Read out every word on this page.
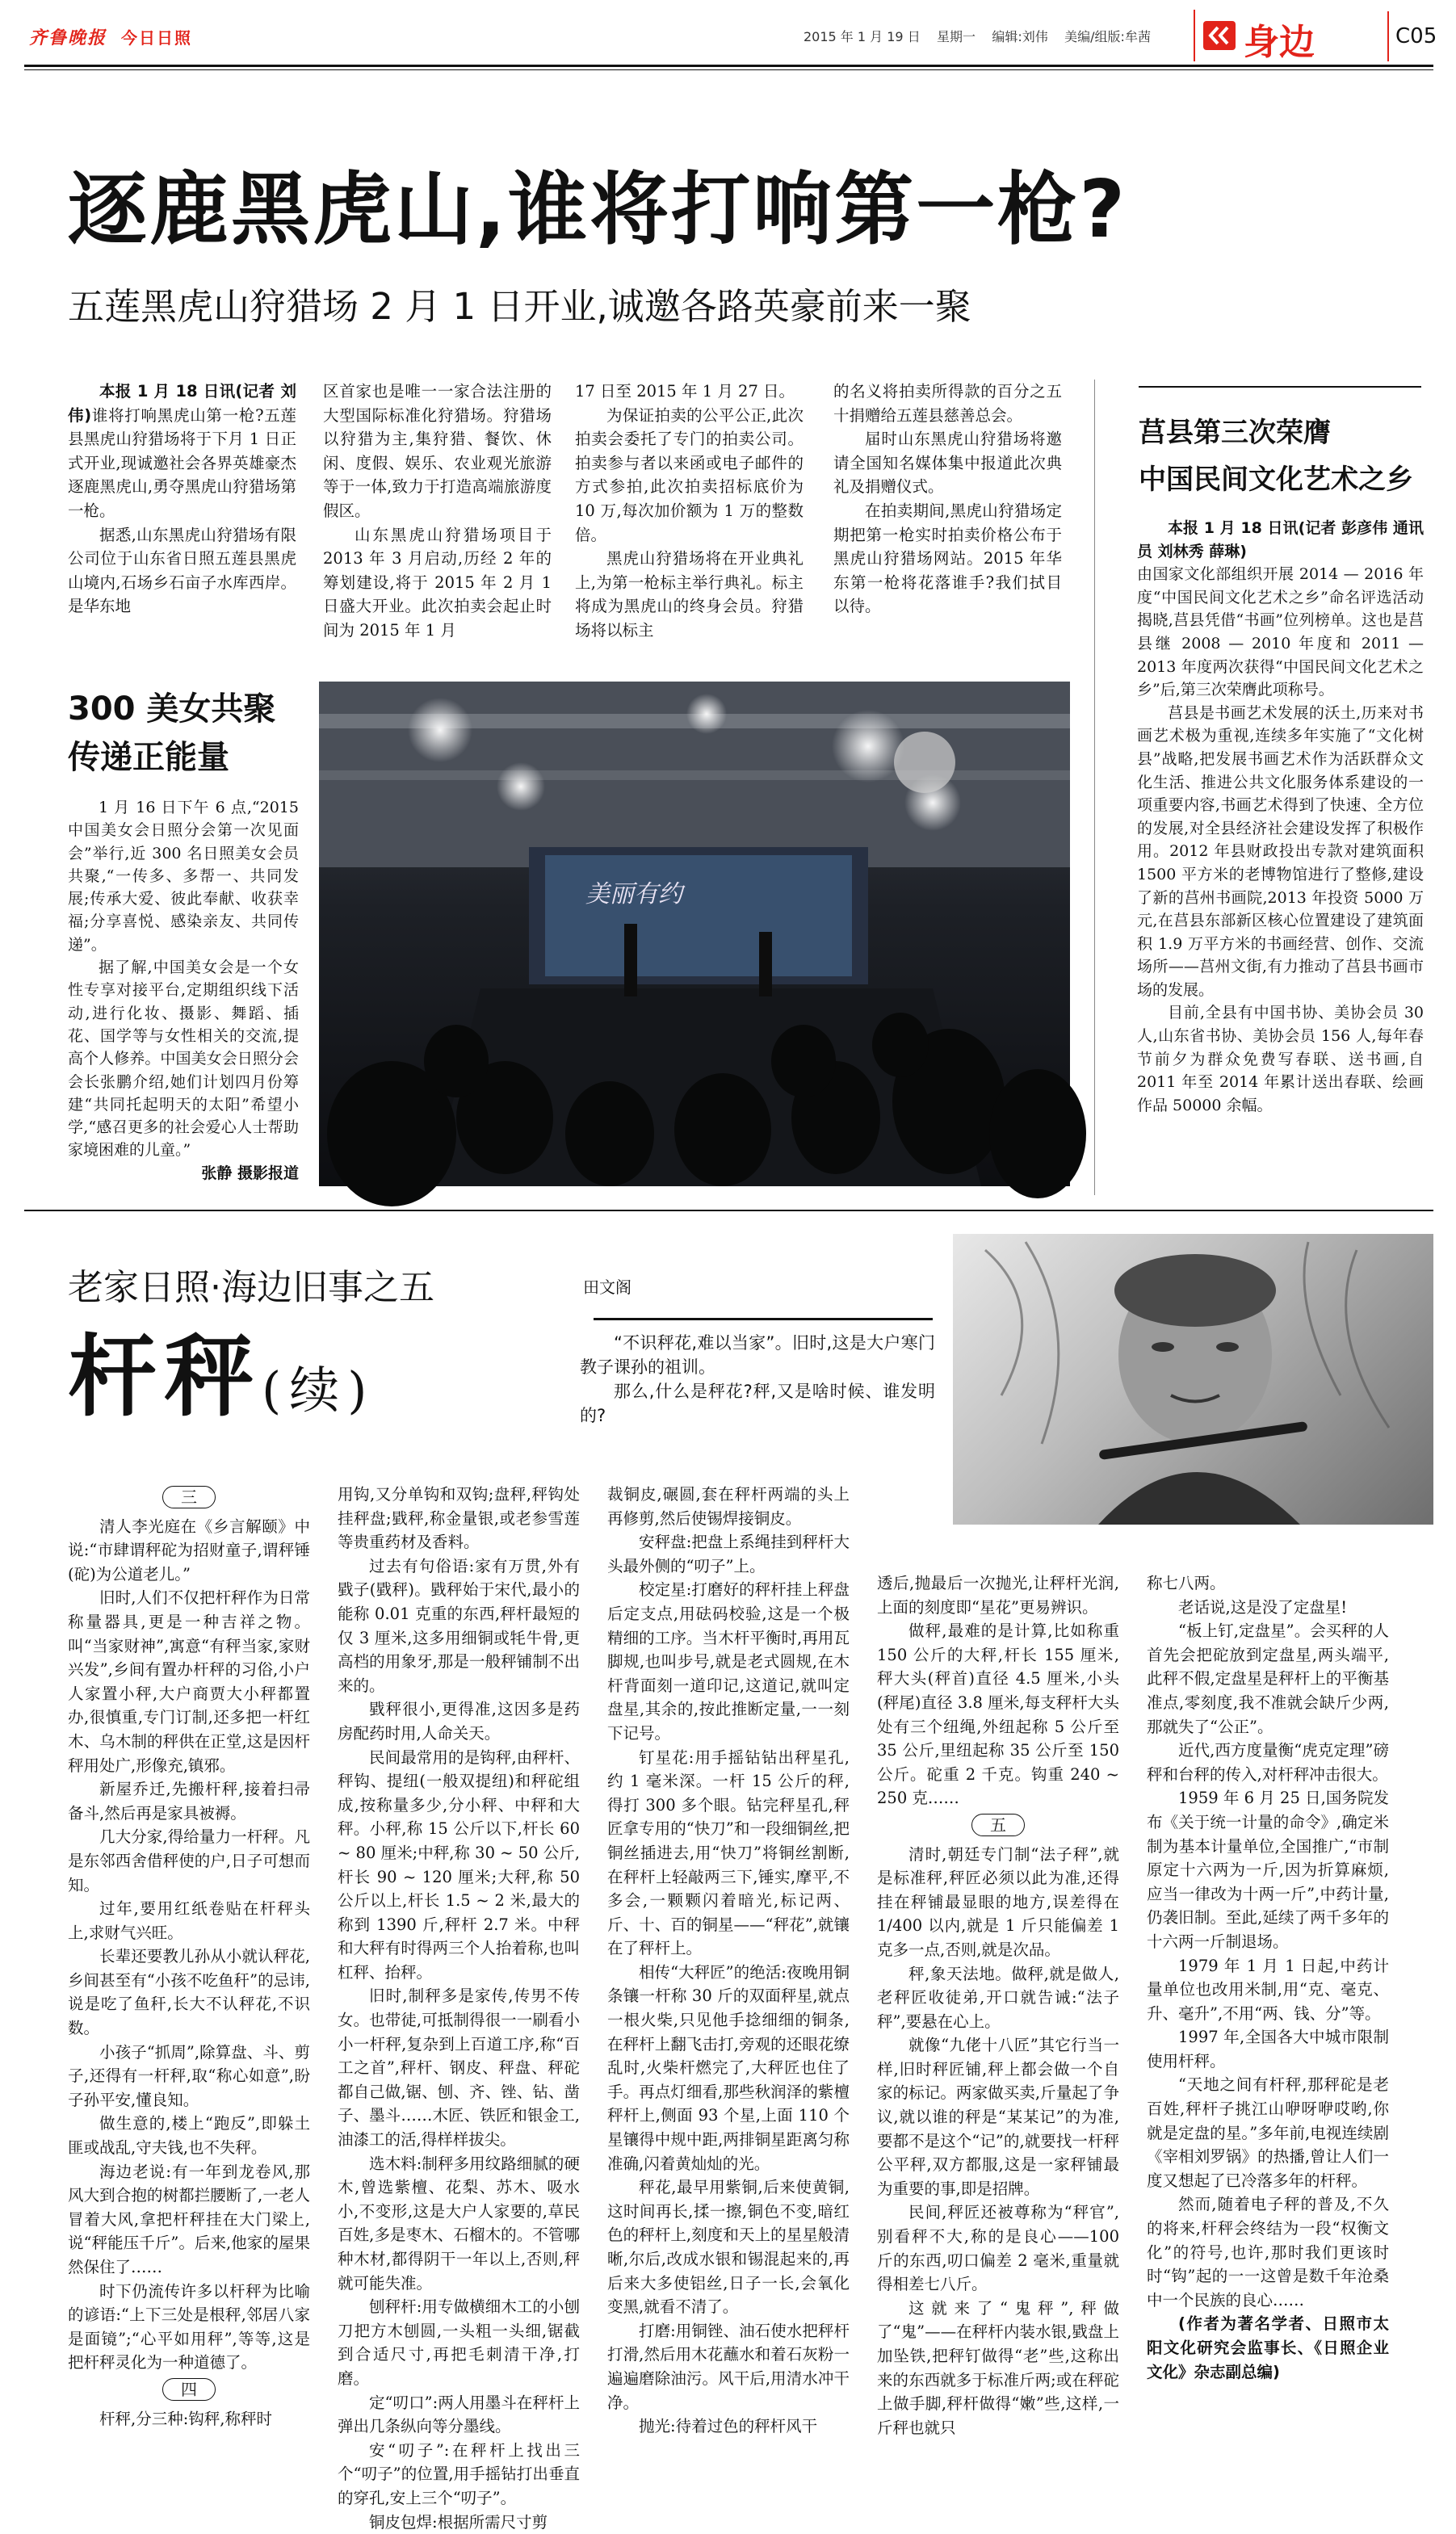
齐鲁晚报 今日日照	2015 年 1 月 19 日 星期一 编辑:刘伟 美编/组版:牟茜	身边	C05
逐鹿黑虎山,谁将打响第一枪?
五莲黑虎山狩猎场 2 月 1 日开业,诚邀各路英豪前来一聚

本报 1 月 18 日讯(记者 刘伟)谁将打响黑虎山第一枪?五莲县黑虎山狩猎场将于下月 1 日正式开业,现诚邀社会各界英雄豪杰逐鹿黑虎山,勇夺黑虎山狩猎场第一枪。

据悉,山东黑虎山狩猎场有限公司位于山东省日照五莲县黑虎山境内,石场乡石亩子水库西岸。是华东地

区首家也是唯一一家合法注册的大型国际标准化狩猎场。狩猎场以狩猎为主,集狩猎、餐饮、休闲、度假、娱乐、农业观光旅游等于一体,致力于打造高端旅游度假区。

山东黑虎山狩猎场项目于 2013 年 3 月启动,历经 2 年的筹划建设,将于 2015 年 2 月 1 日盛大开业。此次拍卖会起止时间为 2015 年 1 月

17 日至 2015 年 1 月 27 日。

为保证拍卖的公平公正,此次拍卖会委托了专门的拍卖公司。拍卖参与者以来函或电子邮件的方式参拍,此次拍卖招标底价为 10 万,每次加价额为 1 万的整数倍。

黑虎山狩猎场将在开业典礼上,为第一枪标主举行典礼。标主将成为黑虎山的终身会员。狩猎场将以标主

的名义将拍卖所得款的百分之五十捐赠给五莲县慈善总会。

届时山东黑虎山狩猎场将邀请全国知名媒体集中报道此次典礼及捐赠仪式。

在拍卖期间,黑虎山狩猎场定期把第一枪实时拍卖价格公布于黑虎山狩猎场网站。2015 年华东第一枪将花落谁手?我们拭目以待。

莒县第三次荣膺
中国民间文化艺术之乡

本报 1 月 18 日讯(记者 彭彦伟 通讯员 刘林秀 薛琳)

由国家文化部组织开展 2014 — 2016 年度“中国民间文化艺术之乡”命名评选活动揭晓,莒县凭借“书画”位列榜单。这也是莒县继 2008 — 2010 年度和 2011 — 2013 年度两次获得“中国民间文化艺术之乡”后,第三次荣膺此项称号。

莒县是书画艺术发展的沃土,历来对书画艺术极为重视,连续多年实施了“文化树县”战略,把发展书画艺术作为活跃群众文化生活、推进公共文化服务体系建设的一项重要内容,书画艺术得到了快速、全方位的发展,对全县经济社会建设发挥了积极作用。2012 年县财政投出专款对建筑面积 1500 平方米的老博物馆进行了整修,建设了新的莒州书画院,2013 年投资 5000 万元,在莒县东部新区核心位置建设了建筑面积 1.9 万平方米的书画经营、创作、交流场所——莒州文街,有力推动了莒县书画市场的发展。

目前,全县有中国书协、美协会员 30 人,山东省书协、美协会员 156 人,每年春节前夕为群众免费写春联、送书画,自 2011 年至 2014 年累计送出春联、绘画作品 50000 余幅。

300 美女共聚
传递正能量

1 月 16 日下午 6 点,“2015 中国美女会日照分会第一次见面会”举行,近 300 名日照美女会员共聚,“一传多、多帮一、共同发展;传承大爱、彼此奉献、收获幸福;分享喜悦、感染亲友、共同传递”。

据了解,中国美女会是一个女性专享对接平台,定期组织线下活动,进行化妆、摄影、舞蹈、插花、国学等与女性相关的交流,提高个人修养。中国美女会日照分会会长张鹏介绍,她们计划四月份筹建“共同托起明天的太阳”希望小学,“感召更多的社会爱心人士帮助家境困难的儿童。”

张静 摄影报道

美丽有约
老家日照·海边旧事之五	田文阁
杆秤(续)

“不识秤花,难以当家”。旧时,这是大户寒门教子课孙的祖训。

那么,什么是秤花?秤,又是啥时候、谁发明的?

三

清人李光庭在《乡言解颐》中说:“市肆谓秤砣为招财童子,谓秤锤(砣)为公道老儿。”

旧时,人们不仅把杆秤作为日常称量器具,更是一种吉祥之物。叫“当家财神”,寓意“有秤当家,家财兴发”,乡间有置办杆秤的习俗,小户人家置小秤,大户商贾大小秤都置办,很慎重,专门订制,还多把一杆红木、乌木制的秤供在正堂,这是因杆秤用处广,形像充,镇邪。

新屋乔迁,先搬杆秤,接着扫帚备斗,然后再是家具被褥。

几大分家,得给量力一杆秤。凡是东邻西舍借秤使的户,日子可想而知。

过年,要用红纸卷贴在杆秤头上,求财气兴旺。

长辈还要教儿孙从小就认秤花,乡间甚至有“小孩不吃鱼秆”的忌讳,说是吃了鱼秆,长大不认秤花,不识数。

小孩子“抓周”,除算盘、斗、剪子,还得有一杆秤,取“称心如意”,盼子孙平安,懂良知。

做生意的,楼上“跑反”,即躲土匪或战乱,守夫钱,也不失秤。

海边老说:有一年到龙卷风,那风大到合抱的树都拦腰断了,一老人冒着大风,拿把杆秤挂在大门梁上,说“秤能压千斤”。后来,他家的屋果然保住了……

时下仍流传许多以杆秤为比喻的谚语:“上下三处是根秤,邻居八家是面镜”;“心平如用秤”,等等,这是把杆秤灵化为一种道德了。

四

杆秤,分三种:钩秤,称秤时

用钩,又分单钩和双钩;盘秤,秤钩处挂秤盘;戥秤,称金量银,或老参雪莲等贵重药材及香料。

过去有句俗语:家有万贯,外有戥子(戥秤)。戥秤始于宋代,最小的能称 0.01 克重的东西,秤杆最短的仅 3 厘米,这多用细铜或牦牛骨,更高档的用象牙,那是一般秤铺制不出来的。

戥秤很小,更得准,这因多是药房配药时用,人命关天。

民间最常用的是钩秤,由秤杆、秤钩、提纽(一般双提纽)和秤砣组成,按称量多少,分小秤、中秤和大秤。小秤,称 15 公斤以下,杆长 60 ~ 80 厘米;中秤,称 30 ~ 50 公斤,杆长 90 ~ 120 厘米;大秤,称 50 公斤以上,杆长 1.5 ~ 2 米,最大的称到 1390 斤,秤杆 2.7 米。中秤和大秤有时得两三个人抬着称,也叫杠秤、抬秤。

旧时,制秤多是家传,传男不传女。也带徒,可抵制得很一一刷看小小一杆秤,复杂到上百道工序,称“百工之首”,秤杆、钢皮、秤盘、秤砣都自己做,锯、刨、齐、锉、钻、凿子、墨斗……木匠、铁匠和银金工,油漆工的活,得样样拔尖。

选木料:制秤多用纹路细腻的硬木,曾选紫檀、花梨、苏木、吸水小,不变形,这是大户人家要的,草民百姓,多是枣木、石榴木的。不管哪种木材,都得阴干一年以上,否则,秤就可能失准。

刨秤杆:用专做横细木工的小刨刀把方木刨圆,一头粗一头细,锯截到合适尺寸,再把毛刺清干净,打磨。

定“叨口”:两人用墨斗在秤杆上弹出几条纵向等分墨线。

安“叨子”:在秤杆上找出三个“叨子”的位置,用手摇钻打出垂直的穿孔,安上三个“叨子”。

铜皮包焊:根据所需尺寸剪

裁铜皮,碾圆,套在秤杆两端的头上再修剪,然后使锡焊接铜皮。

安秤盘:把盘上系绳挂到秤杆大头最外侧的“叨子”上。

校定星:打磨好的秤杆挂上秤盘后定支点,用砝码校验,这是一个极精细的工序。当木杆平衡时,再用瓦脚规,也叫步号,就是老式圆规,在木杆背面刻一道印记,这道记,就叫定盘星,其余的,按此推断定量,一一刻下记号。

钉星花:用手摇钻钻出秤星孔,约 1 毫米深。一杆 15 公斤的秤,得打 300 多个眼。钻完秤星孔,秤匠拿专用的“快刀”和一段细铜丝,把铜丝插进去,用“快刀”将铜丝割断,在秤杆上轻敲两三下,锤实,摩平,不多会,一颗颗闪着暗光,标记两、斤、十、百的铜星——“秤花”,就镶在了秤杆上。

相传“大秤匠”的绝活:夜晚用铜条镶一杆称 30 斤的双面秤星,就点一根火柴,只见他手捻细细的铜条,在秤杆上翻飞击打,旁观的还眼花缭乱时,火柴杆燃完了,大秤匠也住了手。再点灯细看,那些秋润泽的紫檀秤杆上,侧面 93 个星,上面 110 个星镶得中规中距,两排铜星距离匀称准确,闪着黄灿灿的光。

秤花,最早用紫铜,后来使黄铜,这时间再长,揉一擦,铜色不变,暗红色的秤杆上,刻度和天上的星星般清晰,尔后,改成水银和锡混起来的,再后来大多使铝丝,日子一长,会氧化变黑,就看不清了。

打磨:用铜锉、油石使水把秤杆打滑,然后用木花蘸水和着石灰粉一遍遍磨除油污。风干后,用清水冲干净。

抛光:待着过色的秤杆风干

透后,抛最后一次抛光,让秤杆光润,上面的刻度即“星花”更易辨识。

做秤,最难的是计算,比如称重 150 公斤的大秤,杆长 155 厘米,秤大头(秤首)直径 4.5 厘米,小头(秤尾)直径 3.8 厘米,每支秤杆大头处有三个纽绳,外纽起称 5 公斤至 35 公斤,里纽起称 35 公斤至 150 公斤。砣重 2 千克。钩重 240 ~ 250 克……

五

清时,朝廷专门制“法子秤”,就是标准秤,秤匠必须以此为准,还得挂在秤铺最显眼的地方,误差得在 1/400 以内,就是 1 斤只能偏差 1 克多一点,否则,就是次品。

秤,象天法地。做秤,就是做人,老秤匠收徒弟,开口就告诫:“法子秤”,要悬在心上。

就像“九佬十八匠”其它行当一样,旧时秤匠铺,秤上都会做一个自家的标记。两家做买卖,斤量起了争议,就以谁的秤是“某某记”的为准,要都不是这个“记”的,就要找一杆秤公平秤,双方都服,这是一家秤铺最为重要的事,即是招牌。

民间,秤匠还被尊称为“秤官”,别看秤不大,称的是良心——100 斤的东西,叨口偏差 2 毫米,重量就得相差七八斤。

这就来了“鬼秤”,秤做了“鬼”——在秤杆内装水银,戥盘上加坠铁,把秤钉做得“老”些,这称出来的东西就多于标准斤两;或在秤砣上做手脚,秤杆做得“嫩”些,这样,一斤秤也就只

称七八两。

老话说,这是没了定盘星!

“板上钉,定盘星”。会买秤的人首先会把砣放到定盘星,两头端平,此秤不假,定盘星是秤杆上的平衡基准点,零刻度,我不准就会缺斤少两,那就失了“公正”。

近代,西方度量衡“虎克定理”磅秤和台秤的传入,对杆秤冲击很大。

1959 年 6 月 25 日,国务院发布《关于统一计量的命令》,确定米制为基本计量单位,全国推广,“市制原定十六两为一斤,因为折算麻烦,应当一律改为十两一斤”,中药计量,仍袭旧制。至此,延续了两千多年的十六两一斤制退场。

1979 年 1 月 1 日起,中药计量单位也改用米制,用“克、毫克、升、毫升”,不用“两、钱、分”等。

1997 年,全国各大中城市限制使用杆秤。

“天地之间有杆秤,那秤砣是老百姓,秤杆子挑江山咿呀咿哎哟,你就是定盘的星。”多年前,电视连续剧《宰相刘罗锅》的热播,曾让人们一度又想起了已冷落多年的杆秤。

然而,随着电子秤的普及,不久的将来,杆秤会终结为一段“权衡文化”的符号,也许,那时我们更该时时“钩”起的一一这曾是数千年沧桑中一个民族的良心……

(作者为著名学者、日照市太阳文化研究会监事长、《日照企业文化》杂志副总编)
